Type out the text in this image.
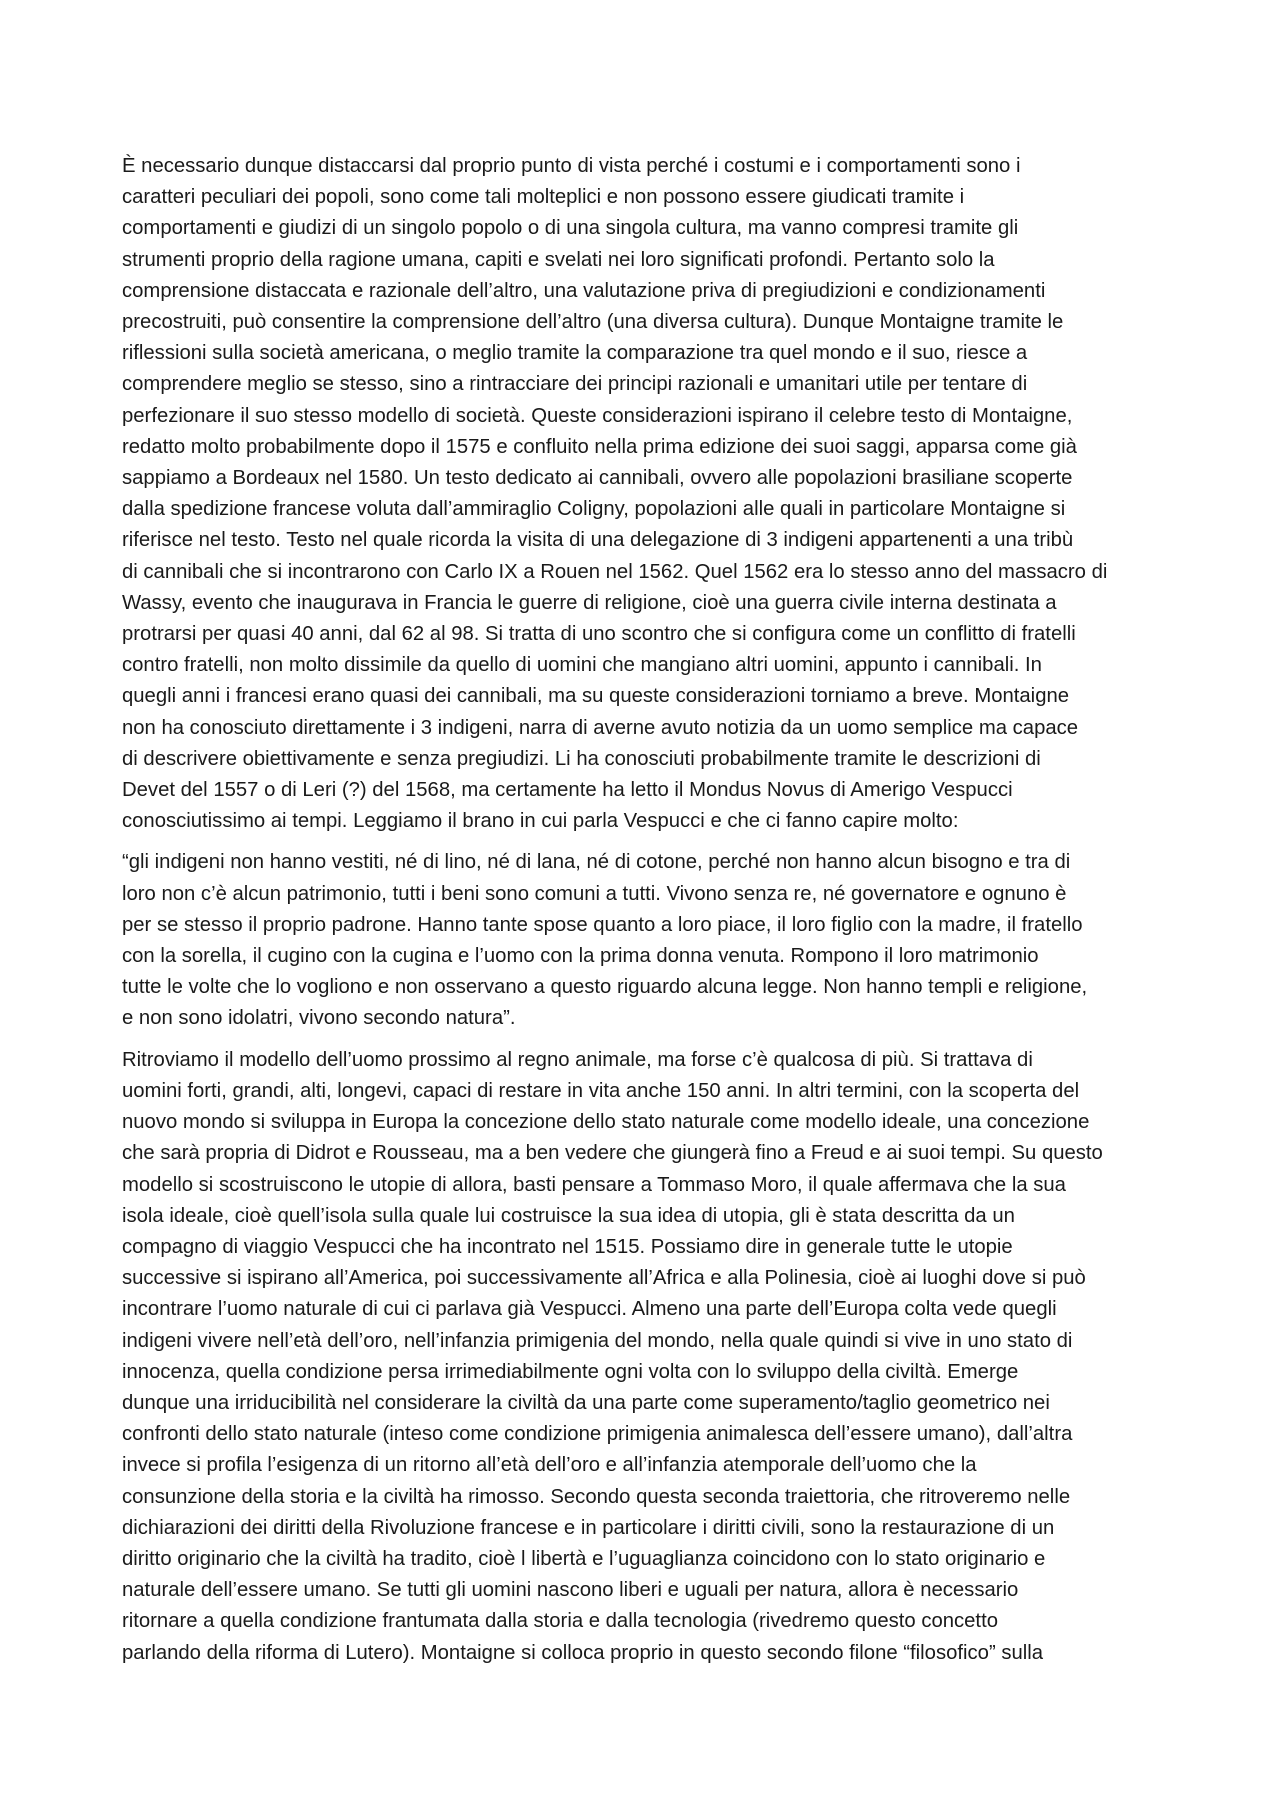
È necessario dunque distaccarsi dal proprio punto di vista perché i costumi e i comportamenti sono i
caratteri peculiari dei popoli, sono come tali molteplici e non possono essere giudicati tramite i
comportamenti e giudizi di un singolo popolo o di una singola cultura, ma vanno compresi tramite gli
strumenti proprio della ragione umana, capiti e svelati nei loro significati profondi. Pertanto solo la
comprensione distaccata e razionale dell’altro, una valutazione priva di pregiudizioni e condizionamenti
precostruiti, può consentire la comprensione dell’altro (una diversa cultura). Dunque Montaigne tramite le
riflessioni sulla società americana, o meglio tramite la comparazione tra quel mondo e il suo, riesce a
comprendere meglio se stesso, sino a rintracciare dei principi razionali e umanitari utile per tentare di
perfezionare il suo stesso modello di società. Queste considerazioni ispirano il celebre testo di Montaigne,
redatto molto probabilmente dopo il 1575 e confluito nella prima edizione dei suoi saggi, apparsa come già
sappiamo a Bordeaux nel 1580. Un testo dedicato ai cannibali, ovvero alle popolazioni brasiliane scoperte
dalla spedizione francese voluta dall’ammiraglio Coligny, popolazioni alle quali in particolare Montaigne si
riferisce nel testo. Testo nel quale ricorda la visita di una delegazione di 3 indigeni appartenenti a una tribù
di cannibali che si incontrarono con Carlo IX a Rouen nel 1562. Quel 1562 era lo stesso anno del massacro di
Wassy, evento che inaugurava in Francia le guerre di religione, cioè una guerra civile interna destinata a
protrarsi per quasi 40 anni, dal 62 al 98. Si tratta di uno scontro che si configura come un conflitto di fratelli
contro fratelli, non molto dissimile da quello di uomini che mangiano altri uomini, appunto i cannibali. In
quegli anni i francesi erano quasi dei cannibali, ma su queste considerazioni torniamo a breve. Montaigne
non ha conosciuto direttamente i 3 indigeni, narra di averne avuto notizia da un uomo semplice ma capace
di descrivere obiettivamente e senza pregiudizi. Li ha conosciuti probabilmente tramite le descrizioni di
Devet del 1557 o di Leri (?) del 1568, ma certamente ha letto il Mondus Novus di Amerigo Vespucci
conosciutissimo ai tempi. Leggiamo il brano in cui parla Vespucci e che ci fanno capire molto:

“gli indigeni non hanno vestiti, né di lino, né di lana, né di cotone, perché non hanno alcun bisogno e tra di
loro non c’è alcun patrimonio, tutti i beni sono comuni a tutti. Vivono senza re, né governatore e ognuno è
per se stesso il proprio padrone. Hanno tante spose quanto a loro piace, il loro figlio con la madre, il fratello
con la sorella, il cugino con la cugina e l’uomo con la prima donna venuta. Rompono il loro matrimonio
tutte le volte che lo vogliono e non osservano a questo riguardo alcuna legge. Non hanno templi e religione,
e non sono idolatri, vivono secondo natura”.

Ritroviamo il modello dell’uomo prossimo al regno animale, ma forse c’è qualcosa di più. Si trattava di
uomini forti, grandi, alti, longevi, capaci di restare in vita anche 150 anni. In altri termini, con la scoperta del
nuovo mondo si sviluppa in Europa la concezione dello stato naturale come modello ideale, una concezione
che sarà propria di Didrot e Rousseau, ma a ben vedere che giungerà fino a Freud e ai suoi tempi. Su questo
modello si scostruiscono le utopie di allora, basti pensare a Tommaso Moro, il quale affermava che la sua
isola ideale, cioè quell’isola sulla quale lui costruisce la sua idea di utopia, gli è stata descritta da un
compagno di viaggio Vespucci che ha incontrato nel 1515. Possiamo dire in generale tutte le utopie
successive si ispirano all’America, poi successivamente all’Africa e alla Polinesia, cioè ai luoghi dove si può
incontrare l’uomo naturale di cui ci parlava già Vespucci. Almeno una parte dell’Europa colta vede quegli
indigeni vivere nell’età dell’oro, nell’infanzia primigenia del mondo, nella quale quindi si vive in uno stato di
innocenza, quella condizione persa irrimediabilmente ogni volta con lo sviluppo della civiltà. Emerge
dunque una irriducibilità nel considerare la civiltà da una parte come superamento/taglio geometrico nei
confronti dello stato naturale (inteso come condizione primigenia animalesca dell’essere umano), dall’altra
invece si profila l’esigenza di un ritorno all’età dell’oro e all’infanzia atemporale dell’uomo che la
consunzione della storia e la civiltà ha rimosso. Secondo questa seconda traiettoria, che ritroveremo nelle
dichiarazioni dei diritti della Rivoluzione francese e in particolare i diritti civili, sono la restaurazione di un
diritto originario che la civiltà ha tradito, cioè l libertà e l’uguaglianza coincidono con lo stato originario e
naturale dell’essere umano. Se tutti gli uomini nascono liberi e uguali per natura, allora è necessario
ritornare a quella condizione frantumata dalla storia e dalla tecnologia (rivedremo questo concetto
parlando della riforma di Lutero). Montaigne si colloca proprio in questo secondo filone “filosofico” sulla
